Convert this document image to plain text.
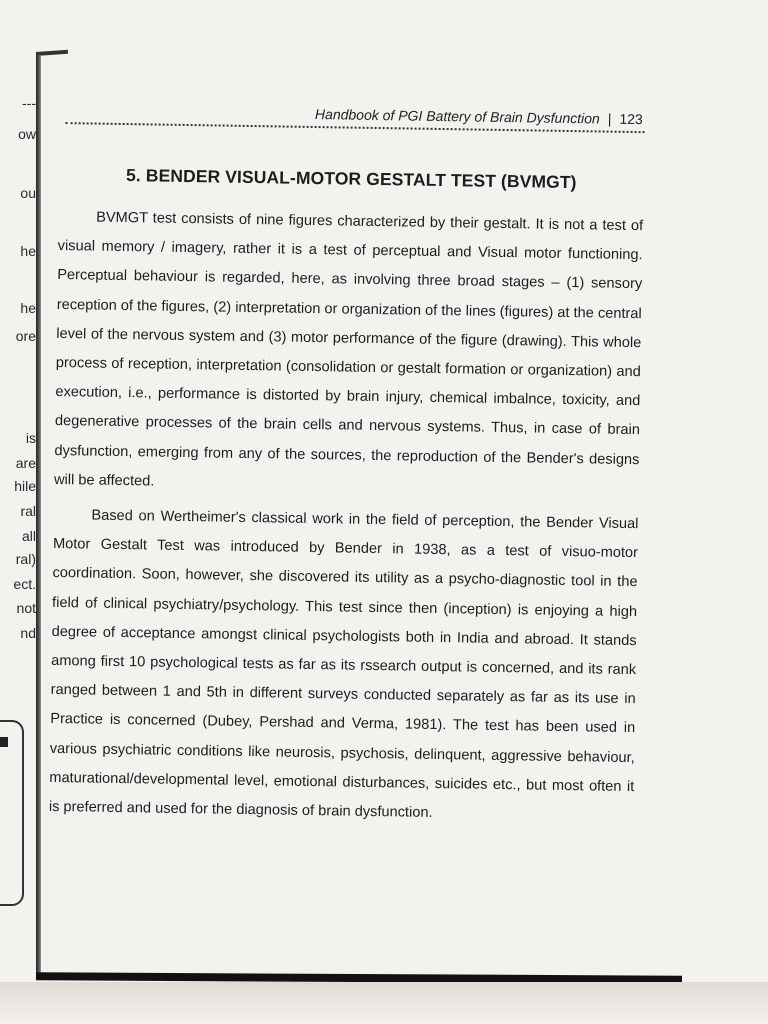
---
ow
ou
he
he
ore
is
are
hile
ral
all
ral)
ect.
not
nd
Handbook of PGI Battery of Brain Dysfunction | 123
5. BENDER VISUAL-MOTOR GESTALT TEST (BVMGT)

BVMGT test consists of nine figures characterized by their gestalt. It is not a test of visual memory / imagery, rather it is a test of perceptual and Visual motor functioning. Perceptual behaviour is regarded, here, as involving three broad stages – (1) sensory reception of the figures, (2) interpretation or organization of the lines (figures) at the central level of the nervous system and (3) motor performance of the figure (drawing). This whole process of reception, interpretation (consolidation or gestalt formation or organization) and execution, i.e., performance is distorted by brain injury, chemical imbalnce, toxicity, and degenerative processes of the brain cells and nervous systems. Thus, in case of brain dysfunction, emerging from any of the sources, the reproduction of the Bender's designs will be affected.

Based on Wertheimer's classical work in the field of perception, the Bender Visual Motor Gestalt Test was introduced by Bender in 1938, as a test of visuo-motor coordination. Soon, however, she discovered its utility as a psycho-diagnostic tool in the field of clinical psychiatry/psychology. This test since then (inception) is enjoying a high degree of acceptance amongst clinical psychologists both in India and abroad. It stands among first 10 psychological tests as far as its rssearch output is concerned, and its rank ranged between 1 and 5th in different surveys conducted separately as far as its use in Practice is concerned (Dubey, Pershad and Verma, 1981). The test has been used in various psychiatric conditions like neurosis, psychosis, delinquent, aggressive behaviour, maturational/developmental level, emotional disturbances, suicides etc., but most often it is preferred and used for the diagnosis of brain dysfunction.
